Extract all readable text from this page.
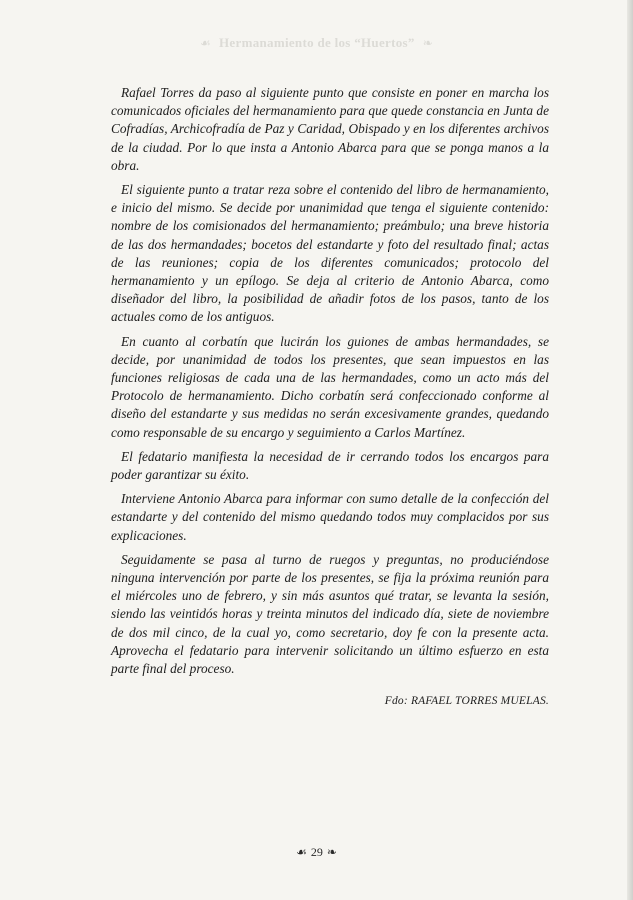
☙ Hermanamiento de los “Huertos” ❧

Rafael Torres da paso al siguiente punto que consiste en poner en marcha los comunicados oficiales del hermanamiento para que quede constancia en Junta de Cofradías, Archicofradía de Paz y Caridad, Obispado y en los diferentes archivos de la ciudad. Por lo que insta a Antonio Abarca para que se ponga manos a la obra.

El siguiente punto a tratar reza sobre el contenido del libro de hermanamiento, e inicio del mismo. Se decide por unanimidad que tenga el siguiente contenido: nombre de los comisionados del hermanamiento; preámbulo; una breve historia de las dos hermandades; bocetos del estandarte y foto del resultado final; actas de las reuniones; copia de los diferentes comunicados; protocolo del hermanamiento y un epílogo. Se deja al criterio de Antonio Abarca, como diseñador del libro, la posibilidad de añadir fotos de los pasos, tanto de los actuales como de los antiguos.

En cuanto al corbatín que lucirán los guiones de ambas hermandades, se decide, por unanimidad de todos los presentes, que sean impuestos en las funciones religiosas de cada una de las hermandades, como un acto más del Protocolo de hermanamiento. Dicho corbatín será confeccionado conforme al diseño del estandarte y sus medidas no serán excesivamente grandes, quedando como responsable de su encargo y seguimiento a Carlos Martínez.

El fedatario manifiesta la necesidad de ir cerrando todos los encargos para poder garantizar su éxito.

Interviene Antonio Abarca para informar con sumo detalle de la confección del estandarte y del contenido del mismo quedando todos muy complacidos por sus explicaciones.

Seguidamente se pasa al turno de ruegos y preguntas, no produciéndose ninguna intervención por parte de los presentes, se fija la próxima reunión para el miércoles uno de febrero, y sin más asuntos qué tratar, se levanta la sesión, siendo las veintidós horas y treinta minutos del indicado día, siete de noviembre de dos mil cinco, de la cual yo, como secretario, doy fe con la presente acta. Aprovecha el fedatario para intervenir solicitando un último esfuerzo en esta parte final del proceso.

Fdo: RAFAEL TORRES MUELAS.
☙ 29 ❧
